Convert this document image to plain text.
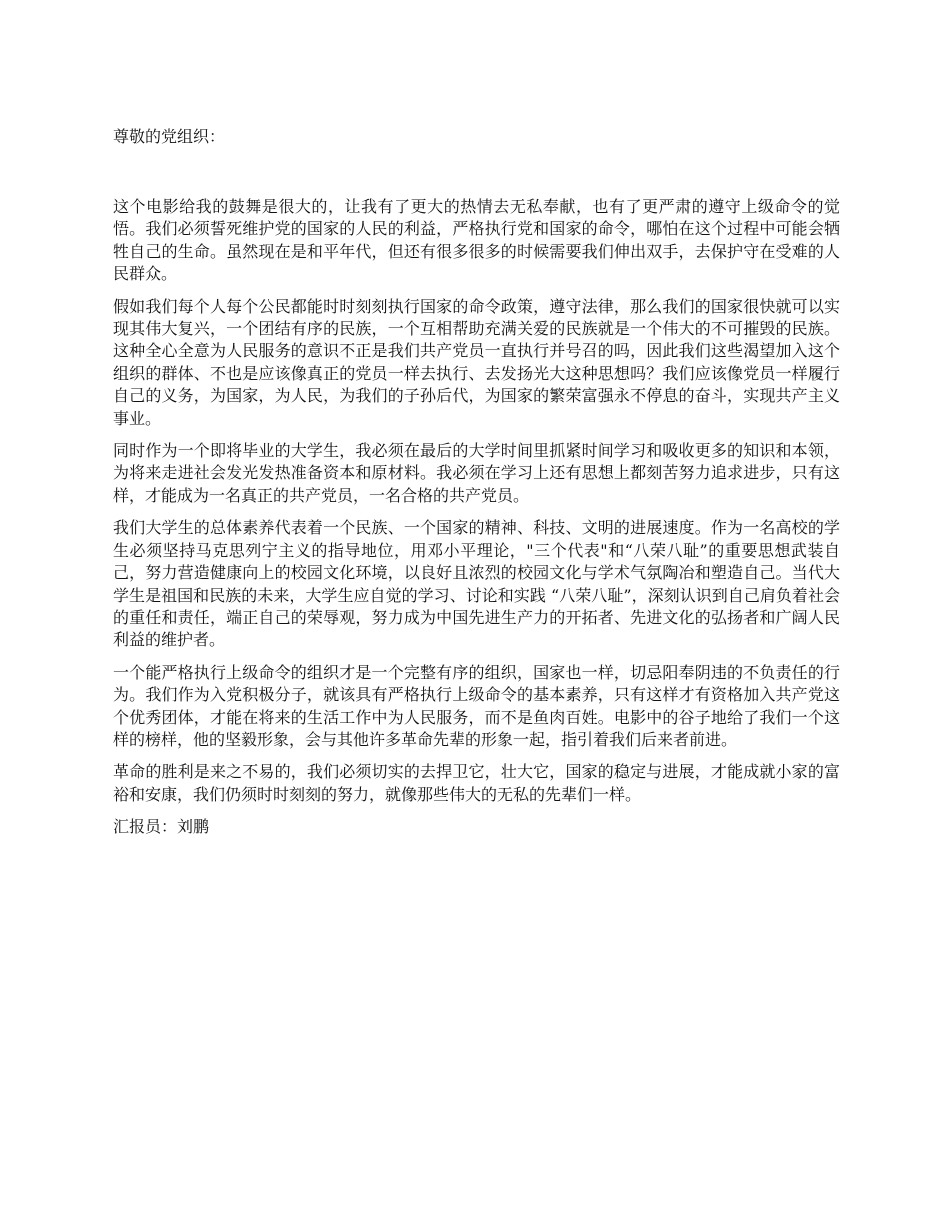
尊敬的党组织：

这个电影给我的鼓舞是很大的，让我有了更大的热情去无私奉献，也有了更严肃的遵守上级命令的觉悟。我们必须誓死维护党的国家的人民的利益，严格执行党和国家的命令，哪怕在这个过程中可能会牺牲自己的生命。虽然现在是和平年代，但还有很多很多的时候需要我们伸出双手，去保护守在受难的人民群众。

假如我们每个人每个公民都能时时刻刻执行国家的命令政策，遵守法律，那么我们的国家很快就可以实现其伟大复兴，一个团结有序的民族，一个互相帮助充满关爱的民族就是一个伟大的不可摧毁的民族。这种全心全意为人民服务的意识不正是我们共产党员一直执行并号召的吗，因此我们这些渴望加入这个组织的群体、不也是应该像真正的党员一样去执行、去发扬光大这种思想吗？我们应该像党员一样履行自己的义务，为国家，为人民，为我们的子孙后代，为国家的繁荣富强永不停息的奋斗，实现共产主义事业。

同时作为一个即将毕业的大学生，我必须在最后的大学时间里抓紧时间学习和吸收更多的知识和本领，为将来走进社会发光发热准备资本和原材料。我必须在学习上还有思想上都刻苦努力追求进步，只有这样，才能成为一名真正的共产党员，一名合格的共产党员。

我们大学生的总体素养代表着一个民族、一个国家的精神、科技、文明的进展速度。作为一名高校的学生必须坚持马克思列宁主义的指导地位，用邓小平理论，"三个代表"和“八荣八耻”的重要思想武装自己，努力营造健康向上的校园文化环境，以良好且浓烈的校园文化与学术气氛陶冶和塑造自己。当代大学生是祖国和民族的未来，大学生应自觉的学习、讨论和实践 “八荣八耻”，深刻认识到自己肩负着社会的重任和责任，端正自己的荣辱观，努力成为中国先进生产力的开拓者、先进文化的弘扬者和广阔人民利益的维护者。

一个能严格执行上级命令的组织才是一个完整有序的组织，国家也一样，切忌阳奉阴违的不负责任的行为。我们作为入党积极分子，就该具有严格执行上级命令的基本素养，只有这样才有资格加入共产党这个优秀团体，才能在将来的生活工作中为人民服务，而不是鱼肉百姓。电影中的谷子地给了我们一个这样的榜样，他的坚毅形象，会与其他许多革命先辈的形象一起，指引着我们后来者前进。

革命的胜利是来之不易的，我们必须切实的去捍卫它，壮大它，国家的稳定与进展，才能成就小家的富裕和安康，我们仍须时时刻刻的努力，就像那些伟大的无私的先辈们一样。

汇报员：刘鹏
